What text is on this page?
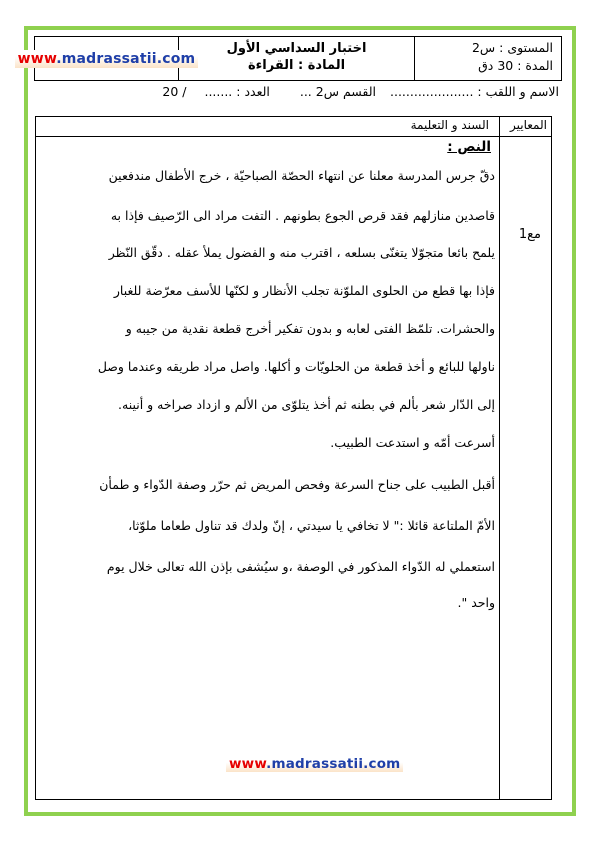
www.madrassatii.com
اختبار السداسي الأول
المادة : القراءة
المستوى : س2
المدة : 30 دق
الاسم و اللقب : .....................  القسم س2 ...  العدد : .......  / 20
المعايير
السند و التعليمة
مع1
النص :

دقّ جرس المدرسة معلنا عن انتهاء الحصّة الصباحيّة ، خرج الأطفال مندفعين

قاصدين منازلهم فقد قرص الجوع بطونهم . التفت مراد الى الرّصيف فإذا به

يلمح بائعا متجوّلا يتغنّى بسلعه ، اقترب منه و الفضول يملأ عقله . دقّق النّظر

فإذا بها قطع من الحلوى الملوّنة تجلب الأنظار و لكنّها للأسف معرّضة للغبار

والحشرات. تلمّظ الفتى لعابه و بدون تفكير أخرج قطعة نقدية من جيبه و

ناولها للبائع و أخذ قطعة من الحلويّات و أكلها. واصل مراد طريقه وعندما وصل

إلى الدّار شعر بألم في بطنه ثم أخذ يتلوّى من الألم و ازداد صراخه و أنينه.

أسرعت أمّه و استدعت الطبيب.

أقبل الطبيب على جناح السرعة وفحص المريض ثم حرّر وصفة الدّواء و طمأن

الأمّ الملتاعة قائلا :" لا تخافي يا سيدتي ، إنّ ولدك قد تناول طعاما ملوّثا،

استعملي له الدّواء المذكور في الوصفة ،و سيُشفى بإذن الله تعالى خلال يوم

واحد ".

www.madrassatii.com
